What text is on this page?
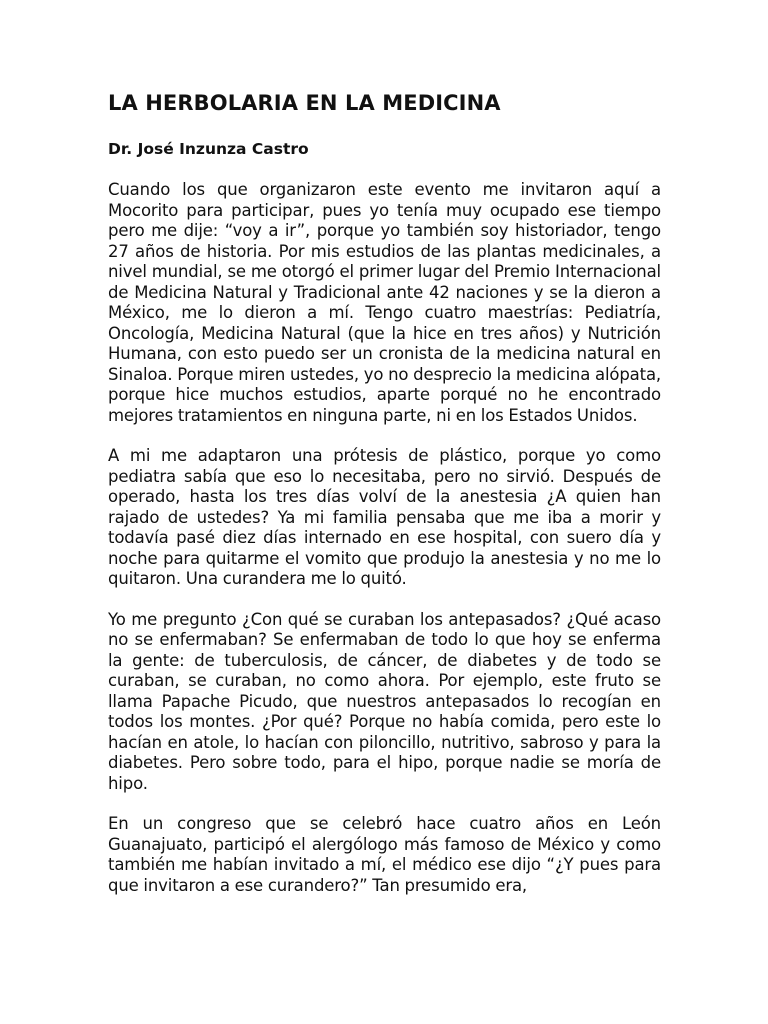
LA HERBOLARIA EN LA MEDICINA
Dr. José Inzunza Castro

Cuando los que organizaron este evento me invitaron aquí a Mocorito para participar, pues yo tenía muy ocupado ese tiempo pero me dije: “voy a ir”, porque yo también soy historiador, tengo 27 años de historia. Por mis estudios de las plantas medicinales, a nivel mundial, se me otorgó el primer lugar del Premio Internacional de Medicina Natural y Tradicional ante 42 naciones y se la dieron a México, me lo dieron a mí. Tengo cuatro maestrías: Pediatría, Oncología, Medicina Natural (que la hice en tres años) y Nutrición Humana, con esto puedo ser un cronista de la medicina natural en Sinaloa. Porque miren ustedes, yo no desprecio la medicina alópata, porque hice muchos estudios, aparte porqué no he encontrado mejores tratamientos en ninguna parte, ni en los Estados Unidos.

A mi me adaptaron una prótesis de plástico, porque yo como pediatra sabía que eso lo necesitaba, pero no sirvió. Después de operado, hasta los tres días volví de la anestesia ¿A quien han rajado de ustedes? Ya mi familia pensaba que me iba a morir y todavía pasé diez días internado en ese hospital, con suero día y noche para quitarme el vomito que produjo la anestesia y no me lo quitaron. Una curandera me lo quitó.

Yo me pregunto ¿Con qué se curaban los antepasados? ¿Qué acaso no se enfermaban? Se enfermaban de todo lo que hoy se enferma la gente: de tuberculosis, de cáncer, de diabetes y de todo se curaban, se curaban, no como ahora. Por ejemplo, este fruto se llama Papache Picudo, que nuestros antepasados lo recogían en todos los montes. ¿Por qué? Porque no había comida, pero este lo hacían en atole, lo hacían con piloncillo, nutritivo, sabroso y para la diabetes. Pero sobre todo, para el hipo, porque nadie se moría de hipo.

En un congreso que se celebró hace cuatro años en León Guanajuato, participó el alergólogo más famoso de México y como también me habían invitado a mí, el médico ese dijo “¿Y pues para que invitaron a ese curandero?” Tan presumido era,
